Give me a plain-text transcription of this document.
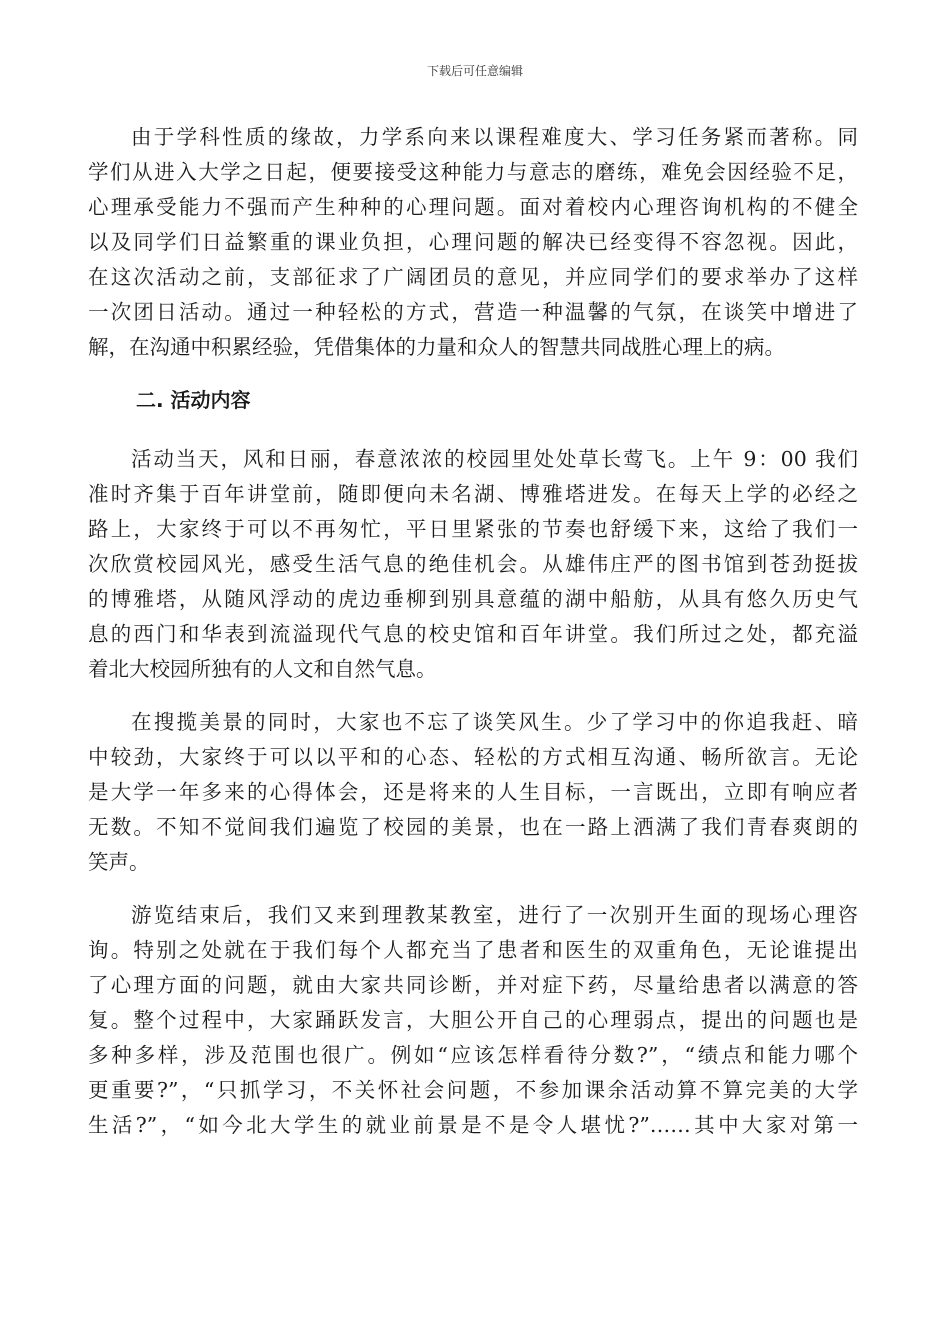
下载后可任意编辑
由于学科性质的缘故，力学系向来以课程难度大、学习任务紧而著称。同
学们从进入大学之日起，便要接受这种能力与意志的磨练，难免会因经验不足，
心理承受能力不强而产生种种的心理问题。面对着校内心理咨询机构的不健全
以及同学们日益繁重的课业负担，心理问题的解决已经变得不容忽视。因此，
在这次活动之前，支部征求了广阔团员的意见，并应同学们的要求举办了这样
一次团日活动。通过一种轻松的方式，营造一种温馨的气氛，在谈笑中增进了
解，在沟通中积累经验，凭借集体的力量和众人的智慧共同战胜心理上的病。
二. 活动内容
活动当天，风和日丽，春意浓浓的校园里处处草长莺飞。上午 9：00 我们
准时齐集于百年讲堂前，随即便向未名湖、博雅塔进发。在每天上学的必经之
路上，大家终于可以不再匆忙，平日里紧张的节奏也舒缓下来，这给了我们一
次欣赏校园风光，感受生活气息的绝佳机会。从雄伟庄严的图书馆到苍劲挺拔
的博雅塔，从随风浮动的虎边垂柳到别具意蕴的湖中船舫，从具有悠久历史气
息的西门和华表到流溢现代气息的校史馆和百年讲堂。我们所过之处，都充溢
着北大校园所独有的人文和自然气息。
在搜揽美景的同时，大家也不忘了谈笑风生。少了学习中的你追我赶、暗
中较劲，大家终于可以以平和的心态、轻松的方式相互沟通、畅所欲言。无论
是大学一年多来的心得体会，还是将来的人生目标，一言既出，立即有响应者
无数。不知不觉间我们遍览了校园的美景，也在一路上洒满了我们青春爽朗的
笑声。
游览结束后，我们又来到理教某教室，进行了一次别开生面的现场心理咨
询。特别之处就在于我们每个人都充当了患者和医生的双重角色，无论谁提出
了心理方面的问题，就由大家共同诊断，并对症下药，尽量给患者以满意的答
复。整个过程中，大家踊跃发言，大胆公开自己的心理弱点，提出的问题也是
多种多样，涉及范围也很广。例如“应该怎样看待分数?”，“绩点和能力哪个
更重要?”，“只抓学习，不关怀社会问题，不参加课余活动算不算完美的大学
生活?”，“如今北大学生的就业前景是不是令人堪忧?”……其中大家对第一
